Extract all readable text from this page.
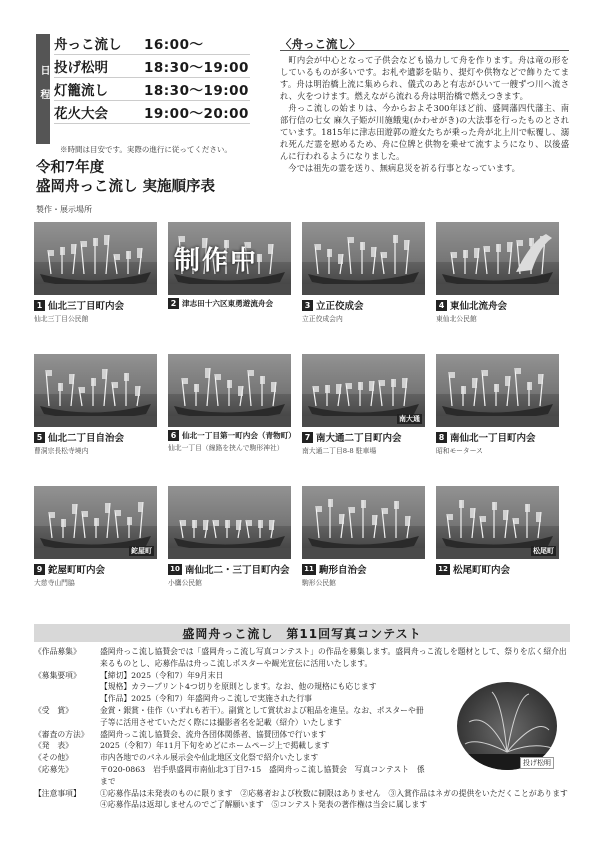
日程
舟っこ流し	16:00〜
投げ松明	18:30〜19:00
灯籠流し	18:30〜19:00
花火大会	19:00〜20:00
※時間は目安です。実際の進行に従ってください。
令和7年度
盛岡舟っこ流し 実施順序表
製作・展示場所
〈舟っこ流し〉

町内会が中心となって子供会なども協力して舟を作ります。舟は竜の形をしているものが多いです。お札や遺影を貼り、提灯や供物などで飾りたてます。舟は明治橋上流に集められ、儀式のあと有志がひいて一艘ずつ川へ流され、火をつけます。燃えながら流れる舟は明治橋で燃えつきます。

舟っこ流しの始まりは、今からおよそ300年ほど前、盛岡藩四代藩主、南部行信の七女 麻久子姫が川施餓鬼(かわせがき)の大法事を行ったものとされています。1815年に津志田遊郭の遊女たちが乗った舟が北上川で転覆し、溺れ死んだ霊を慰めるため、舟に位牌と供物を乗せて流すようになり、以後盛んに行われるようになりました。

今では祖先の霊を送り、無病息災を祈る行事となっています。

1 仙北三丁目町内会
仙北三丁目公民館
制作中
2 津志田十六区東勇遊流舟会	3 立正佼成会
立正佼成会内
4 東仙北流舟会
東仙北公民館
5 仙北二丁目自治会
曹洞宗長松寺境内
6 仙北一丁目第一町内会（青物町）
仙北一丁目（線路を挟んで駒形神社）
南大通
7 南大通二丁目町内会
南大通二丁目8-8 駐車場
8 南仙北一丁目町内会
昭和モータース
鉈屋町
9 鉈屋町町内会
大慈寺山門脇
10 南仙北二・三丁目町内会
小鷹公民館
11 駒形自治会
駒形公民館
松尾町
12 松尾町町内会
盛岡舟っこ流し　第11回写真コンテスト
《作品募集》	盛岡舟っこ流し協賛会では「盛岡舟っこ流し写真コンテスト」の作品を募集します。盛岡舟っこ流しを題材として、祭りを広く紹介出来るものとし、応募作品は舟っこ流しポスターや観光宣伝に活用いたします。
《募集要項》	【締切】2025（令和7）年9月末日
【規格】カラープリント4つ切りを原則とします。なお、他の規格にも応じます
【作品】2025（令和7）年盛岡舟っこ流しで実施された行事
《受　賞》	金賞・銀賞・佳作（いずれも若干）。副賞として賞状および粗品を進呈。なお、ポスターや冊子等に活用させていただく際には撮影者名を記載（紹介）いたします
《審査の方法》	盛岡舟っこ流し協賛会、流舟各団体関係者、協賛団体で行います
《発　表》	2025（令和7）年11月下旬をめどにホームページ上で掲載します
《その他》	市内各地でのパネル展示会や仙北地区文化祭で紹介いたします
《応募先》	〒020-0863　岩手県盛岡市南仙北3丁目7-15　盛岡舟っこ流し協賛会　写真コンテスト　係　まで
【注意事項】	①応募作品は未発表のものに限ります　②応募者および枚数に制限はありません　③入賞作品はネガの提供をいただくことがあります　④応募作品は返却しませんのでご了解願います　⑤コンテスト発表の著作権は当会に属します
投げ松明
